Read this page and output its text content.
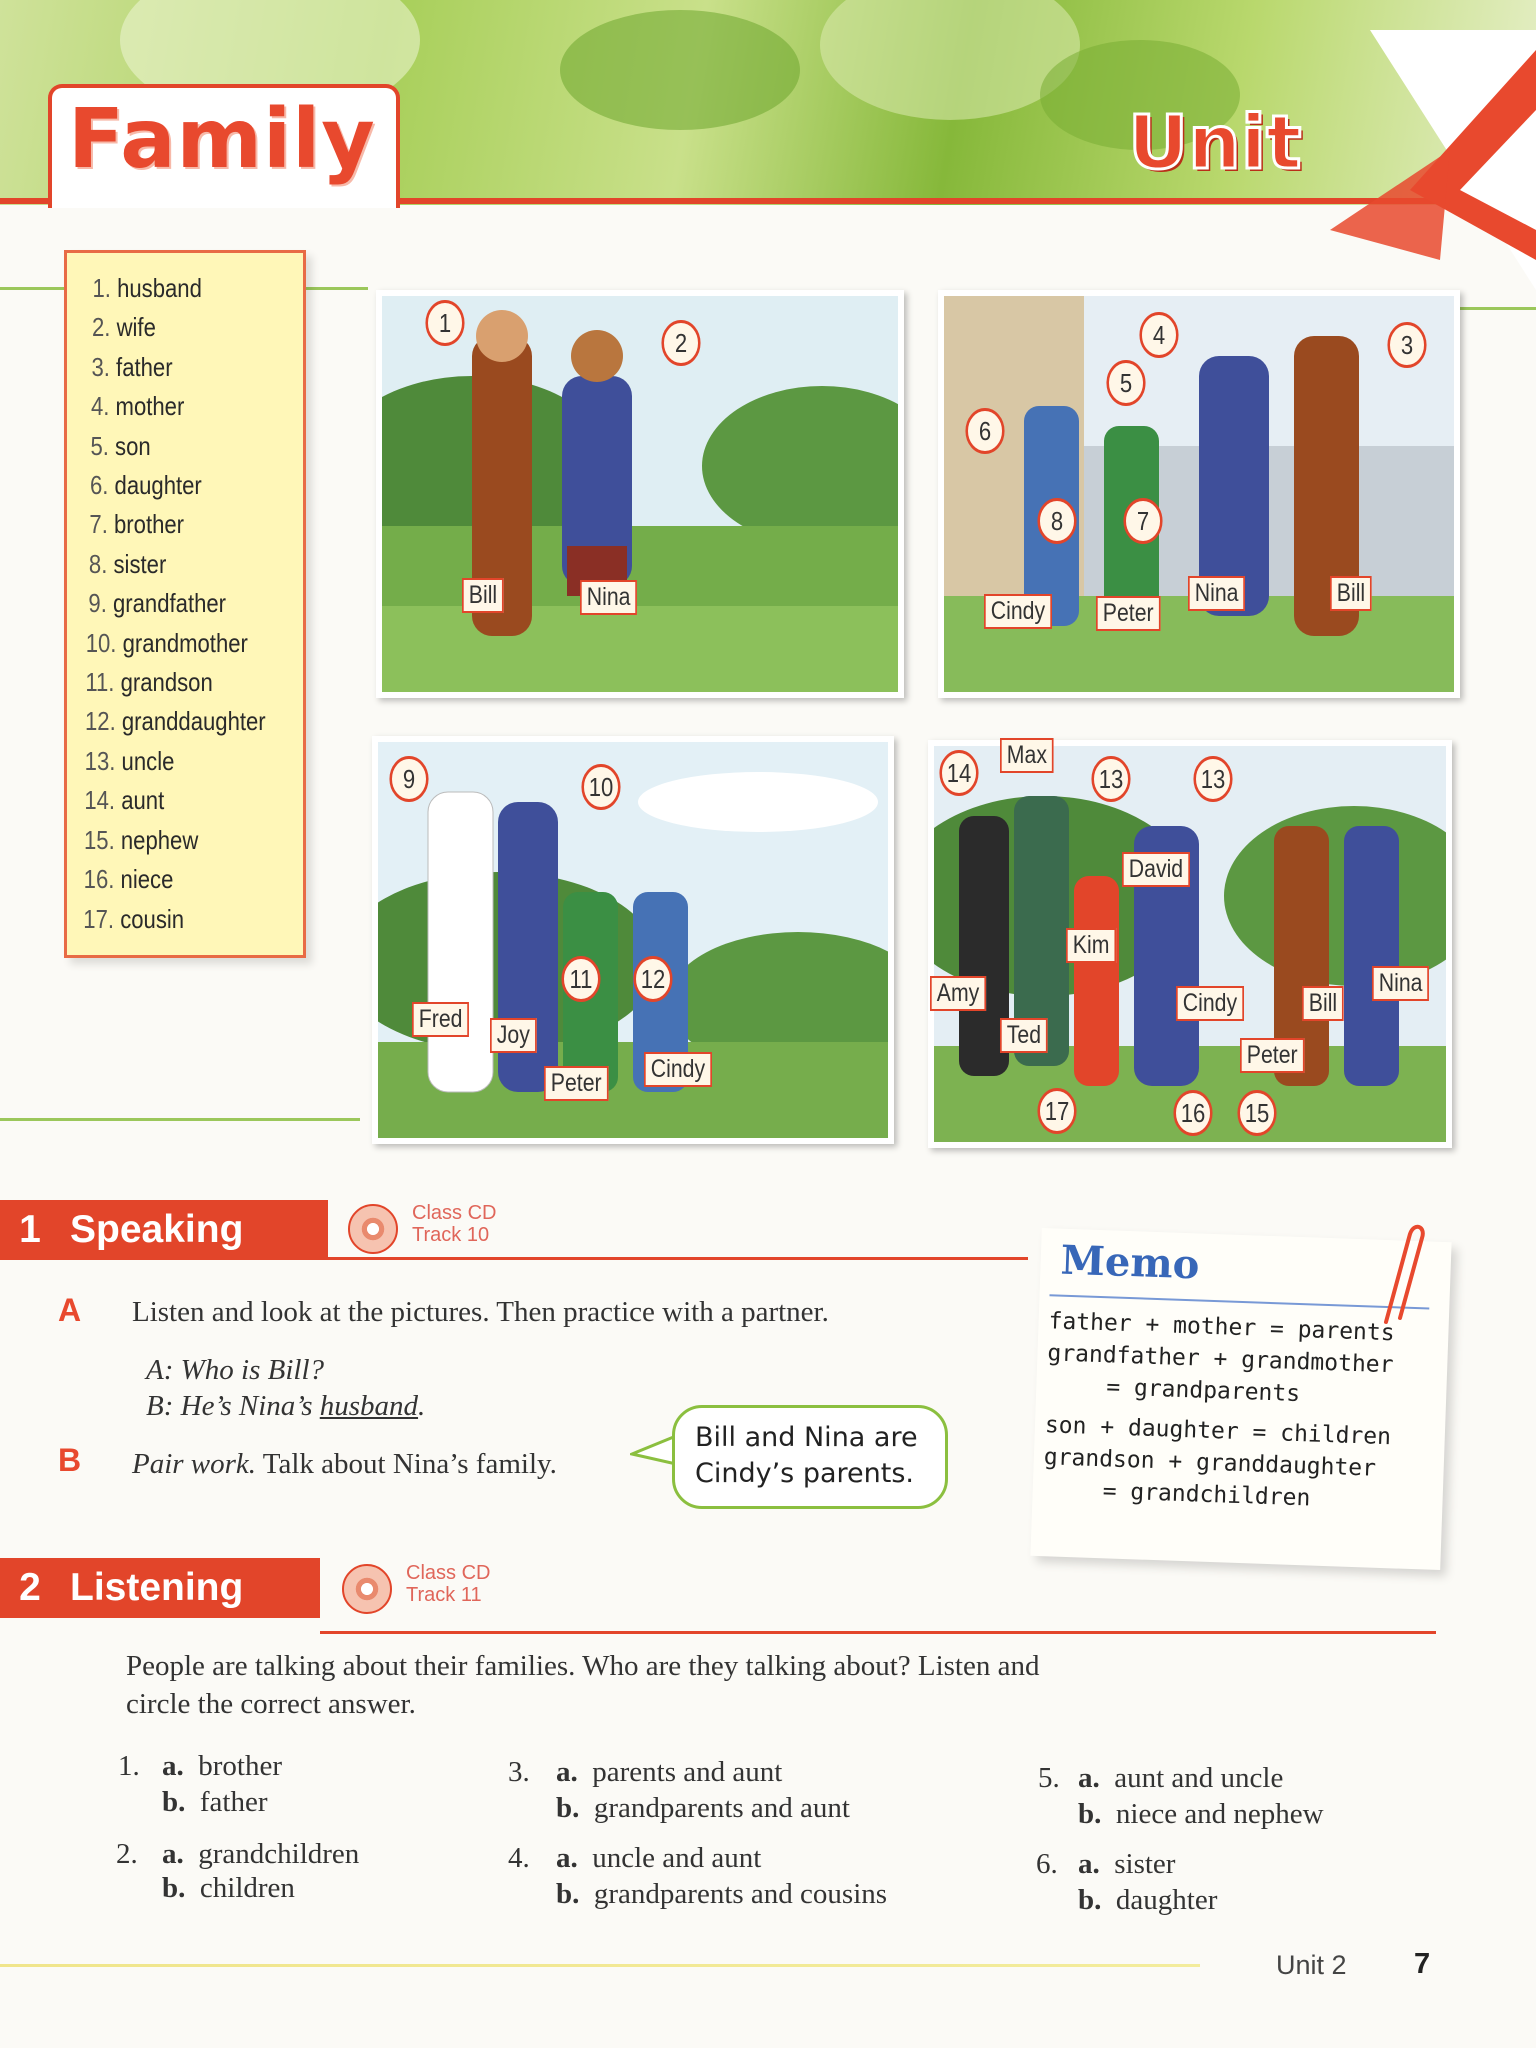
Family	Unit
1. husband
2. wife
3. father
4. mother
5. son
6. daughter
7. brother
8. sister
9. grandfather
10. grandmother
11. grandson
12. granddaughter
13. uncle
14. aunt
15. nephew
16. niece
17. cousin
1
2
Bill	Nina
4	3
5
6
8	7
Cindy Peter
Nina	Bill
9	10
11	12
Fred
Joy
Peter Cindy
14	13	13
17	16 15
Max
David
Kim
Amy
Ted
Cindy	Bill
Nina
Peter
1 Speaking	Class CD
Track 10
A Listen and look at the pictures. Then practice with a partner.
A: Who is Bill?
B: He’s Nina’s husband.
B Pair work. Talk about Nina’s family.
Bill and Nina are Cindy’s parents.
Memo
father + mother = parents
grandfather + grandmother
= grandparents
son + daughter = children
grandson + granddaughter
= grandchildren
2 Listening	Class CD
Track 11
People are talking about their families. Who are they talking about? Listen and
circle the correct answer.
1. a. brother
b. father
2. a. grandchildren
b. children
3. a. parents and aunt
b. grandparents and aunt
4. a. uncle and aunt
b. grandparents and cousins
5. a. aunt and uncle
b. niece and nephew
6. a. sister
b. daughter
Unit 2 7
